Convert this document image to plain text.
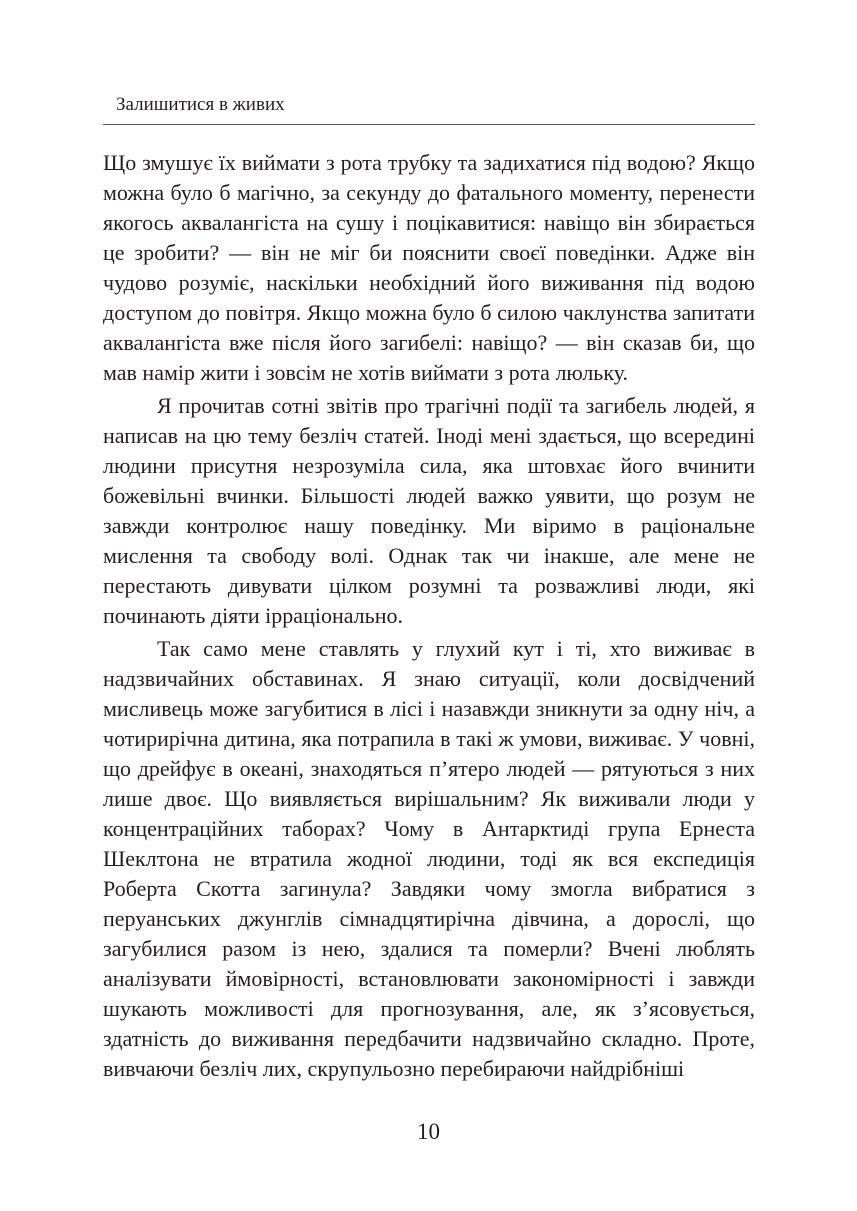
Залишитися в живих

Що змушує їх виймати з рота трубку та задихатися під водою? Якщо можна було б магічно, за секунду до фатального моменту, перенести якогось аквалангіста на сушу і поцікавитися: навіщо він збирається це зробити? — він не міг би пояснити своєї поведінки. Адже він чудово розуміє, наскільки необхідний його виживання під водою доступом до повітря. Якщо можна було б силою чаклунства запитати аквалангіста вже після його загибелі: навіщо? — він сказав би, що мав намір жити і зовсім не хотів виймати з рота люльку.

Я прочитав сотні звітів про трагічні події та загибель людей, я написав на цю тему безліч статей. Іноді мені здається, що всередині людини присутня незрозуміла сила, яка штовхає його вчинити божевільні вчинки. Більшості людей важко уявити, що розум не завжди контролює нашу поведінку. Ми віримо в раціональне мислення та свободу волі. Однак так чи інакше, але мене не перестають дивувати цілком розумні та розважливі люди, які починають діяти ірраціонально.

Так само мене ставлять у глухий кут і ті, хто виживає в надзвичайних обставинах. Я знаю ситуації, коли досвідчений мисливець може загубитися в лісі і назавжди зникнути за одну ніч, а чотирирічна дитина, яка потрапила в такі ж умови, виживає. У човні, що дрейфує в океані, знаходяться п’ятеро людей — рятуються з них лише двоє. Що виявляється вирішальним? Як виживали люди у концентраційних таборах? Чому в Антарктиді група Ернеста Шеклтона не втратила жодної людини, тоді як вся експедиція Роберта Скотта загинула? Завдяки чому змогла вибратися з перуанських джунглів сімнадцятирічна дівчина, а дорослі, що загубилися разом із нею, здалися та померли? Вчені люблять аналізувати ймовірності, встановлювати закономірності і завжди шукають можливості для прогнозування, але, як з’ясовується, здатність до виживання передбачити надзвичайно складно. Проте, вивчаючи безліч лих, скрупульозно перебираючи найдрібніші

10
